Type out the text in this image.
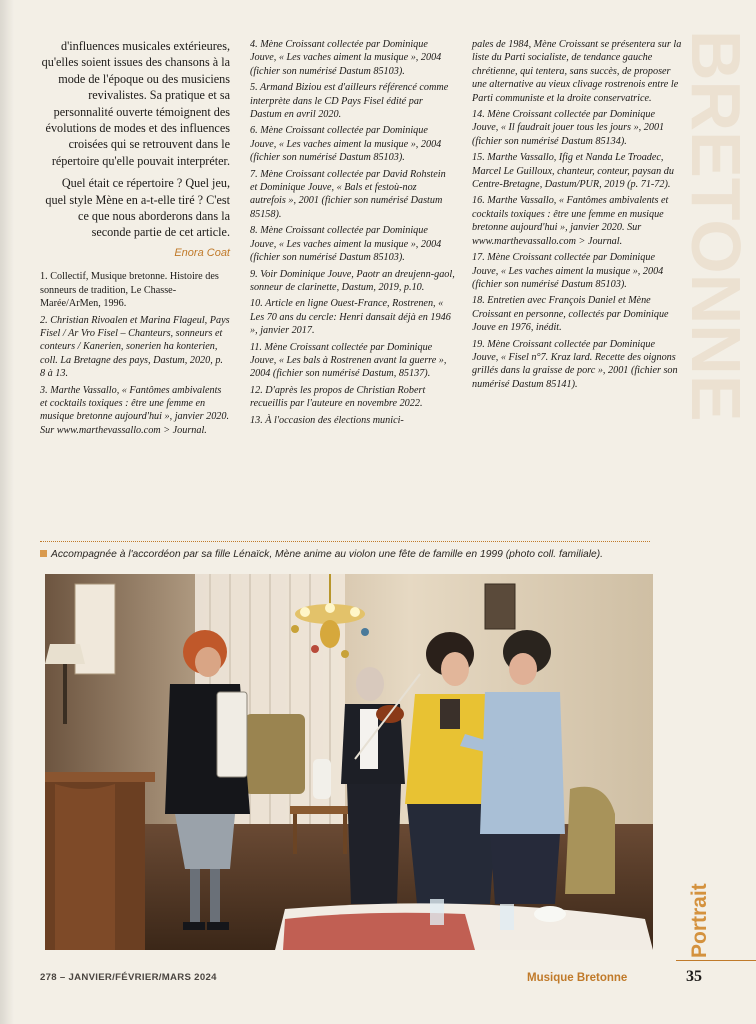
BRETONNE

d'influences musicales extérieures, qu'elles soient issues des chansons à la mode de l'époque ou des musiciens revivalistes. Sa pratique et sa personnalité ouverte témoignent des évolutions de modes et des influences croisées qui se retrouvent dans le répertoire qu'elle pouvait interpréter.

Quel était ce répertoire ? Quel jeu, quel style Mène en a-t-elle tiré ? C'est ce que nous aborderons dans la seconde partie de cet article.

Enora Coat

1. Collectif, Musique bretonne. Histoire des sonneurs de tradition, Le Chasse-Marée/ArMen, 1996.

2. Christian Rivoalen et Marina Flageul, Pays Fisel / Ar Vro Fisel – Chanteurs, sonneurs et conteurs / Kanerien, sonerien ha konterien, coll. La Bretagne des pays, Dastum, 2020, p. 8 à 13.

3. Marthe Vassallo, « Fantômes ambivalents et cocktails toxiques : être une femme en musique bretonne aujourd'hui », janvier 2020. Sur www.marthevassallo.com > Journal.

4. Mène Croissant collectée par Dominique Jouve, « Les vaches aiment la musique », 2004 (fichier son numérisé Dastum 85103).

5. Armand Biziou est d'ailleurs référencé comme interprète dans le CD Pays Fisel édité par Dastum en avril 2020.

6. Mène Croissant collectée par Dominique Jouve, « Les vaches aiment la musique », 2004 (fichier son numérisé Dastum 85103).

7. Mène Croissant collectée par David Rohstein et Dominique Jouve, « Bals et festoù-noz autrefois », 2001 (fichier son numérisé Dastum 85158).

8. Mène Croissant collectée par Dominique Jouve, « Les vaches aiment la musique », 2004 (fichier son numérisé Dastum 85103).

9. Voir Dominique Jouve, Paotr an dreujenn-gaol, sonneur de clarinette, Dastum, 2019, p.10.

10. Article en ligne Ouest-France, Rostrenen, « Les 70 ans du cercle: Henri dansait déjà en 1946 », janvier 2017.

11. Mène Croissant collectée par Dominique Jouve, « Les bals à Rostrenen avant la guerre », 2004 (fichier son numérisé Dastum, 85137).

12. D'après les propos de Christian Robert recueillis par l'auteure en novembre 2022.

13. À l'occasion des élections munici-

pales de 1984, Mène Croissant se présentera sur la liste du Parti socialiste, de tendance gauche chrétienne, qui tentera, sans succès, de proposer une alternative au vieux clivage rostrenois entre le Parti communiste et la droite conservatrice.

14. Mène Croissant collectée par Dominique Jouve, « Il faudrait jouer tous les jours », 2001 (fichier son numérisé Dastum 85134).

15. Marthe Vassallo, Ifig et Nanda Le Troadec, Marcel Le Guilloux, chanteur, conteur, paysan du Centre-Bretagne, Dastum/PUR, 2019 (p. 71-72).

16. Marthe Vassallo, « Fantômes ambivalents et cocktails toxiques : être une femme en musique bretonne aujourd'hui », janvier 2020. Sur www.marthevassallo.com > Journal.

17. Mène Croissant collectée par Dominique Jouve, « Les vaches aiment la musique », 2004 (fichier son numérisé Dastum 85103).

18. Entretien avec François Daniel et Mène Croissant en personne, collectés par Dominique Jouve en 1976, inédit.

19. Mène Croissant collectée par Dominique Jouve, « Fisel n°7. Kraz lard. Recette des oignons grillés dans la graisse de porc », 2001 (fichier son numérisé Dastum 85141).

Accompagnée à l'accordéon par sa fille Lénaïck, Mène anime au violon une fête de famille en 1999 (photo coll. familiale).
Portrait
278 – JANVIER/FÉVRIER/MARS 2024	Musique Bretonne	35
